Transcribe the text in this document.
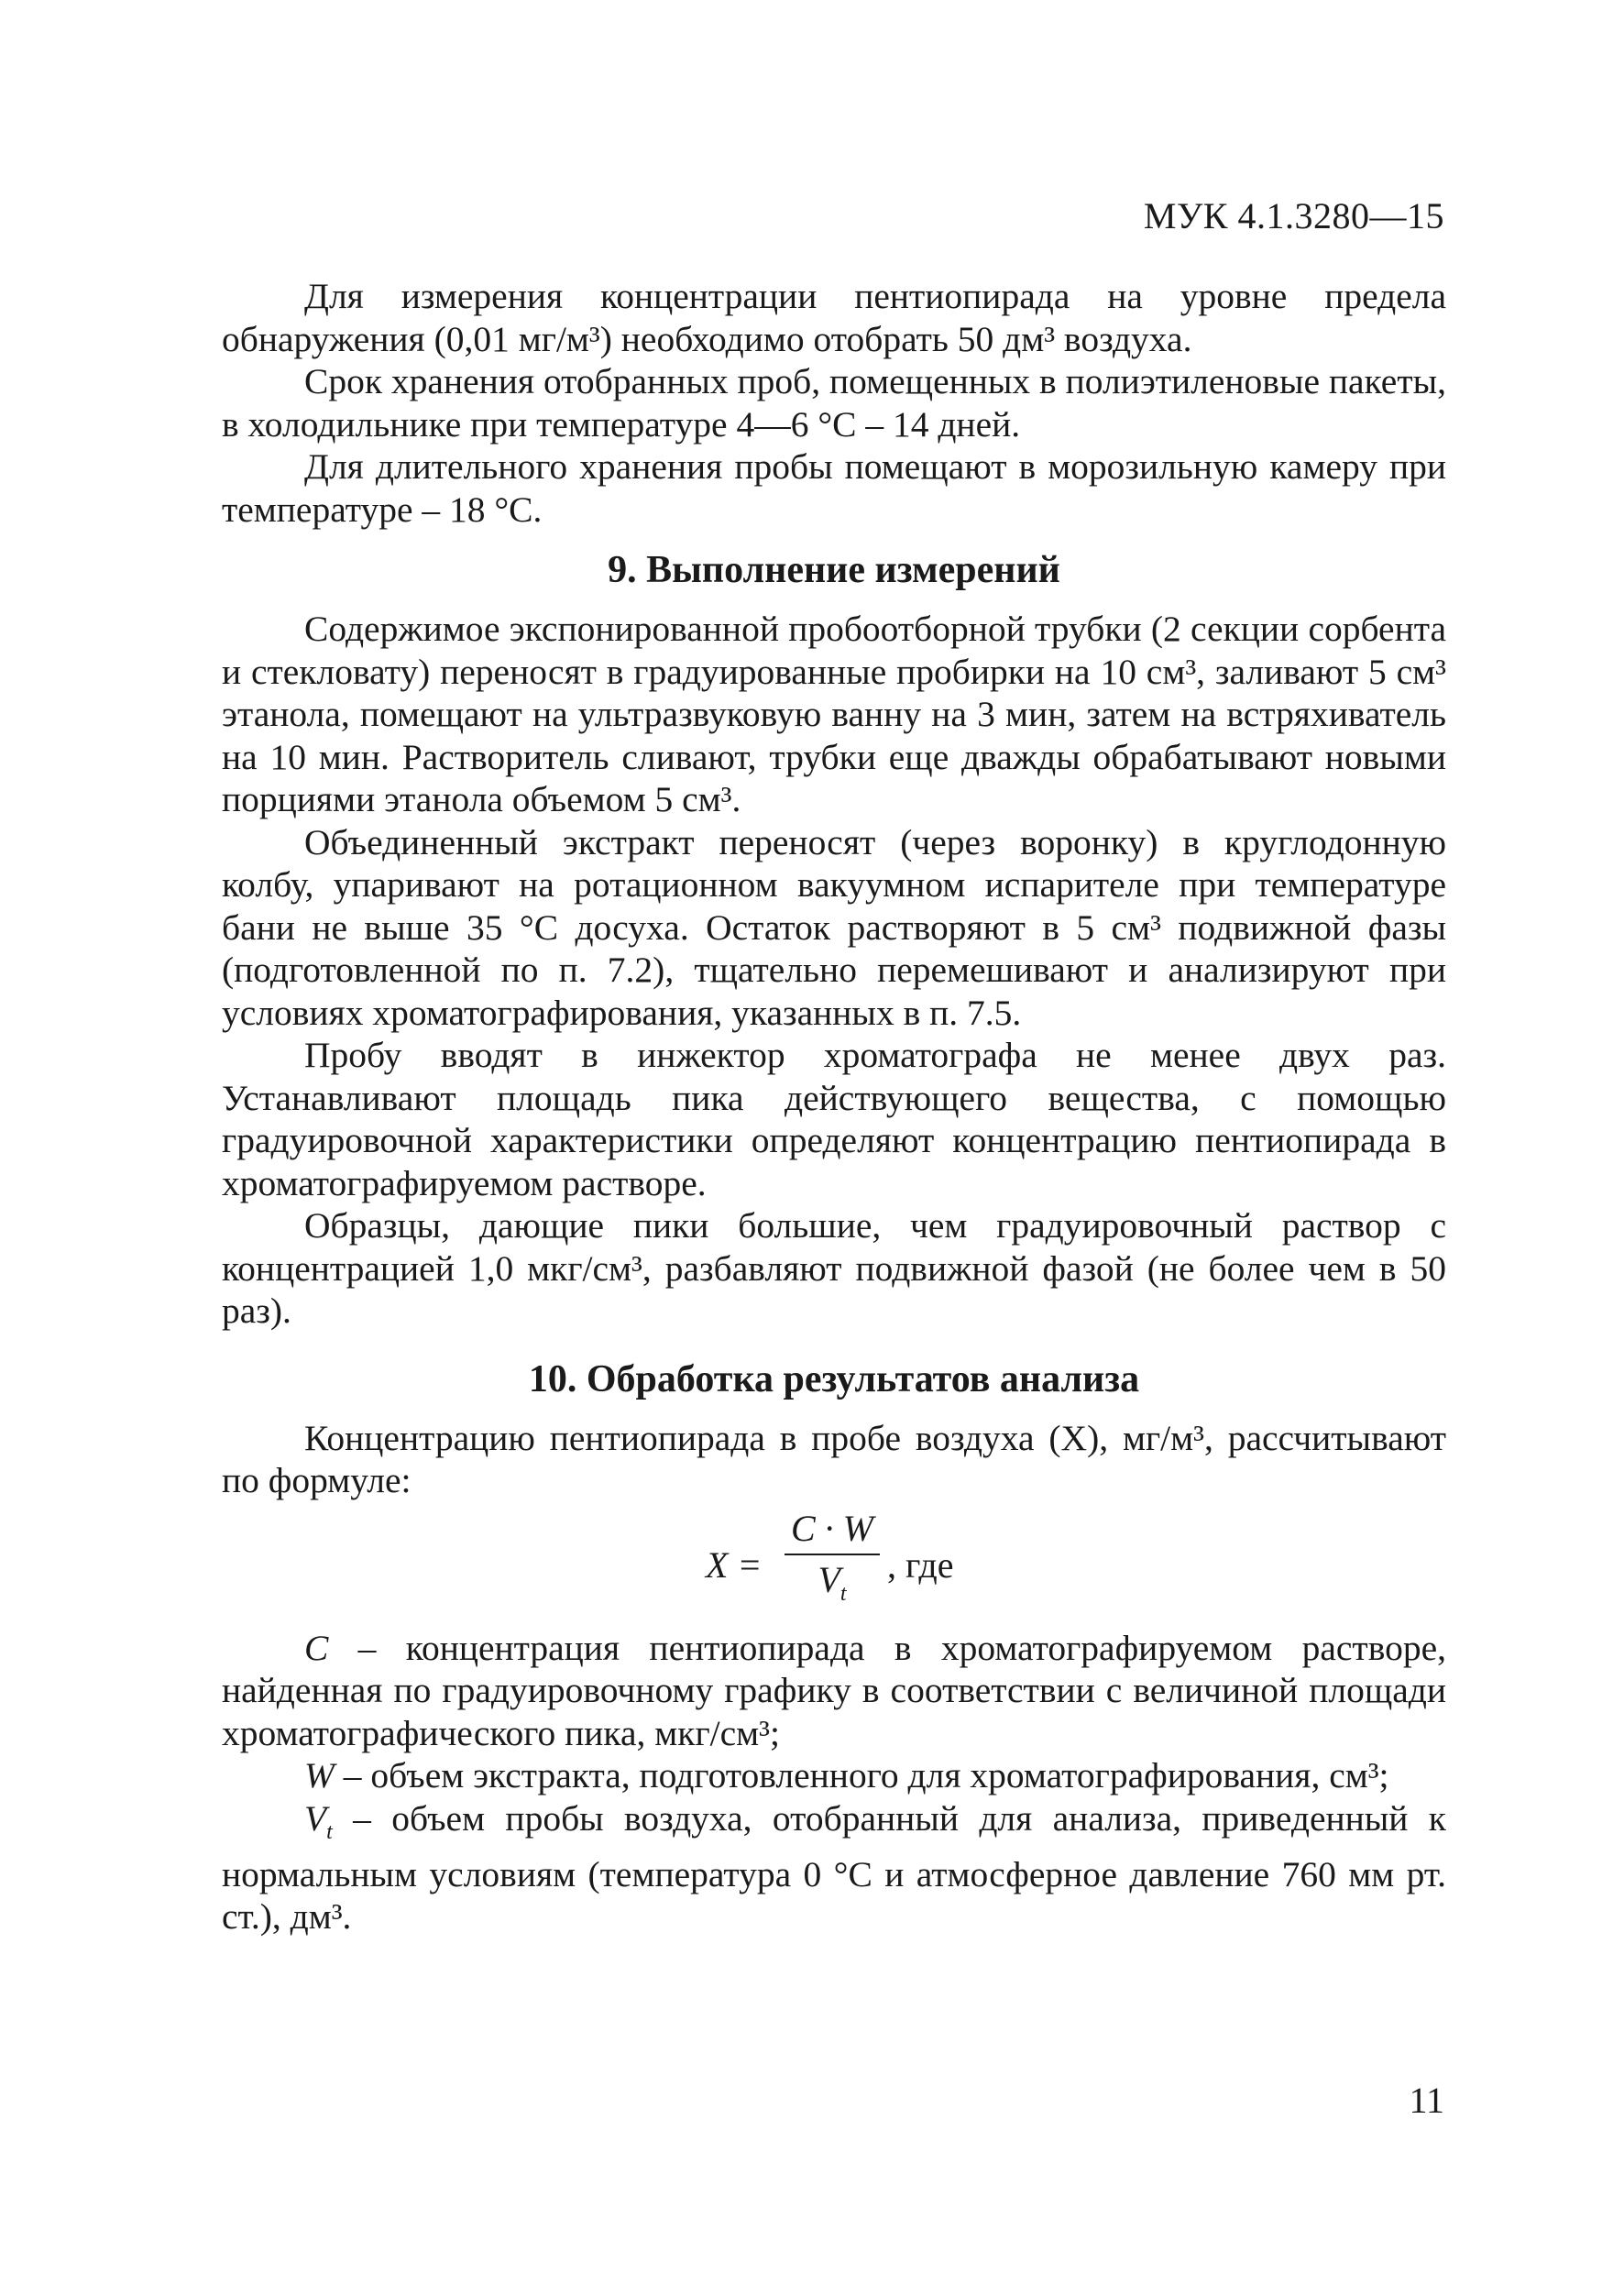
МУК 4.1.3280—15

Для измерения концентрации пентиопирада на уровне предела обнаружения (0,01 мг/м³) необходимо отобрать 50 дм³ воздуха.

Срок хранения отобранных проб, помещенных в полиэтиленовые пакеты, в холодильнике при температуре 4—6 °С – 14 дней.

Для длительного хранения пробы помещают в морозильную камеру при температуре – 18 °С.

9. Выполнение измерений

Содержимое экспонированной пробоотборной трубки (2 секции сорбента и стекловату) переносят в градуированные пробирки на 10 см³, заливают 5 см³ этанола, помещают на ультразвуковую ванну на 3 мин, затем на встряхиватель на 10 мин. Растворитель сливают, трубки еще дважды обрабатывают новыми порциями этанола объемом 5 см³.

Объединенный экстракт переносят (через воронку) в круглодонную колбу, упаривают на ротационном вакуумном испарителе при температуре бани не выше 35 °С досуха. Остаток растворяют в 5 см³ подвижной фазы (подготовленной по п. 7.2), тщательно перемешивают и анализируют при условиях хроматографирования, указанных в п. 7.5.

Пробу вводят в инжектор хроматографа не менее двух раз. Устанавливают площадь пика действующего вещества, с помощью градуировочной характеристики определяют концентрацию пентиопирада в хроматографируемом растворе.

Образцы, дающие пики большие, чем градуировочный раствор с концентрацией 1,0 мкг/см³, разбавляют подвижной фазой (не более чем в 50 раз).

10. Обработка результатов анализа

Концентрацию пентиопирада в пробе воздуха (X), мг/м³, рассчитывают по формуле:

X =
C · W
$V_t$
, где

C – концентрация пентиопирада в хроматографируемом растворе, найденная по градуировочному графику в соответствии с величиной площади хроматографического пика, мкг/см³;

W – объем экстракта, подготовленного для хроматографирования, см³;

$V_t$ – объем пробы воздуха, отобранный для анализа, приведенный к нормальным условиям (температура 0 °С и атмосферное давление 760 мм рт. ст.), дм³.

11
